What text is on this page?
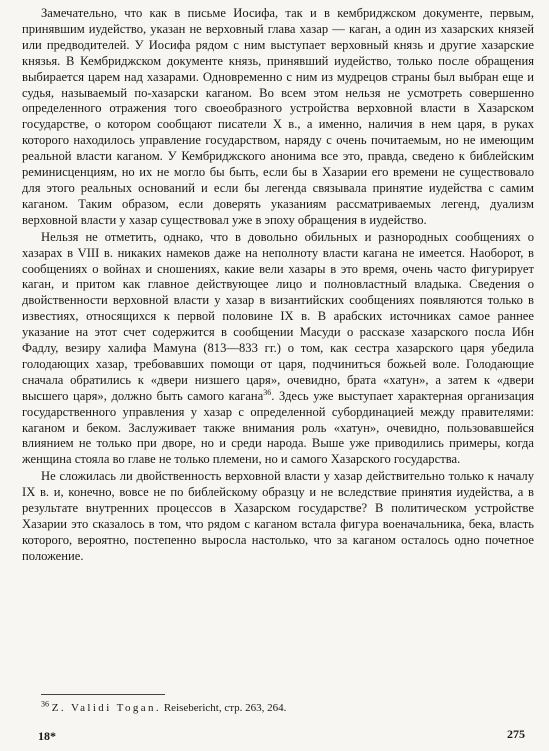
Замечательно, что как в письме Иосифа, так и в кембриджском документе, первым, принявшим иудейство, указан не верховный глава хазар — каган, а один из хазарских князей или предводителей. У Иосифа рядом с ним выступает верховный князь и другие хазарские князья. В Кембриджском документе князь, принявший иудейство, только после обращения выбирается царем над хазарами. Одновременно с ним из мудрецов страны был выбран еще и судья, называемый по-хазарски каганом. Во всем этом нельзя не усмотреть совершенно определенного отражения того своеобразного устройства верховной власти в Хазарском государстве, о котором сообщают писатели X в., а именно, наличия в нем царя, в руках которого находилось управление государством, наряду с очень почитаемым, но не имеющим реальной власти каганом. У Кембриджского анонима все это, правда, сведено к библейским реминисценциям, но их не могло бы быть, если бы в Хазарии его времени не существовало для этого реальных оснований и если бы легенда связывала принятие иудейства с самим каганом. Таким образом, если доверять указаниям рассматриваемых легенд, дуализм верховной власти у хазар существовал уже в эпоху обращения в иудейство.

Нельзя не отметить, однако, что в довольно обильных и разнородных сообщениях о хазарах в VIII в. никаких намеков даже на неполноту власти кагана не имеется. Наоборот, в сообщениях о войнах и сношениях, какие вели хазары в это время, очень часто фигурирует каган, и притом как главное действующее лицо и полновластный владыка. Сведения о двойственности верховной власти у хазар в византийских сообщениях появляются только в известиях, относящихся к первой половине IX в. В арабских источниках самое раннее указание на этот счет содержится в сообщении Масуди о рассказе хазарского посла Ибн Фадлу, везиру халифа Мамуна (813—833 гг.) о том, как сестра хазарского царя убедила голодающих хазар, требовавших помощи от царя, подчиниться божьей воле. Голодающие сначала обратились к «двери низшего царя», очевидно, брата «хатун», а затем к «двери высшего царя», должно быть самого кагана$^{36}$. Здесь уже выступает характерная организация государственного управления у хазар с определенной субординацией между правителями: каганом и беком. Заслуживает также внимания роль «хатун», очевидно, пользовавшейся влиянием не только при дворе, но и среди народа. Выше уже приводились примеры, когда женщина стояла во главе не только племени, но и самого Хазарского государства.

Не сложилась ли двойственность верховной власти у хазар действительно только к началу IX в. и, конечно, вовсе не по библейскому образцу и не вследствие принятия иудейства, а в результате внутренних процессов в Хазарском государстве? В политическом устройстве Хазарии это сказалось в том, что рядом с каганом встала фигура военачальника, бека, власть которого, вероятно, постепенно выросла настолько, что за каганом осталось одно почетное положение.

$^{36}$ Z. Validi Togan. Reisebericht, стр. 263, 264.
18*	275
